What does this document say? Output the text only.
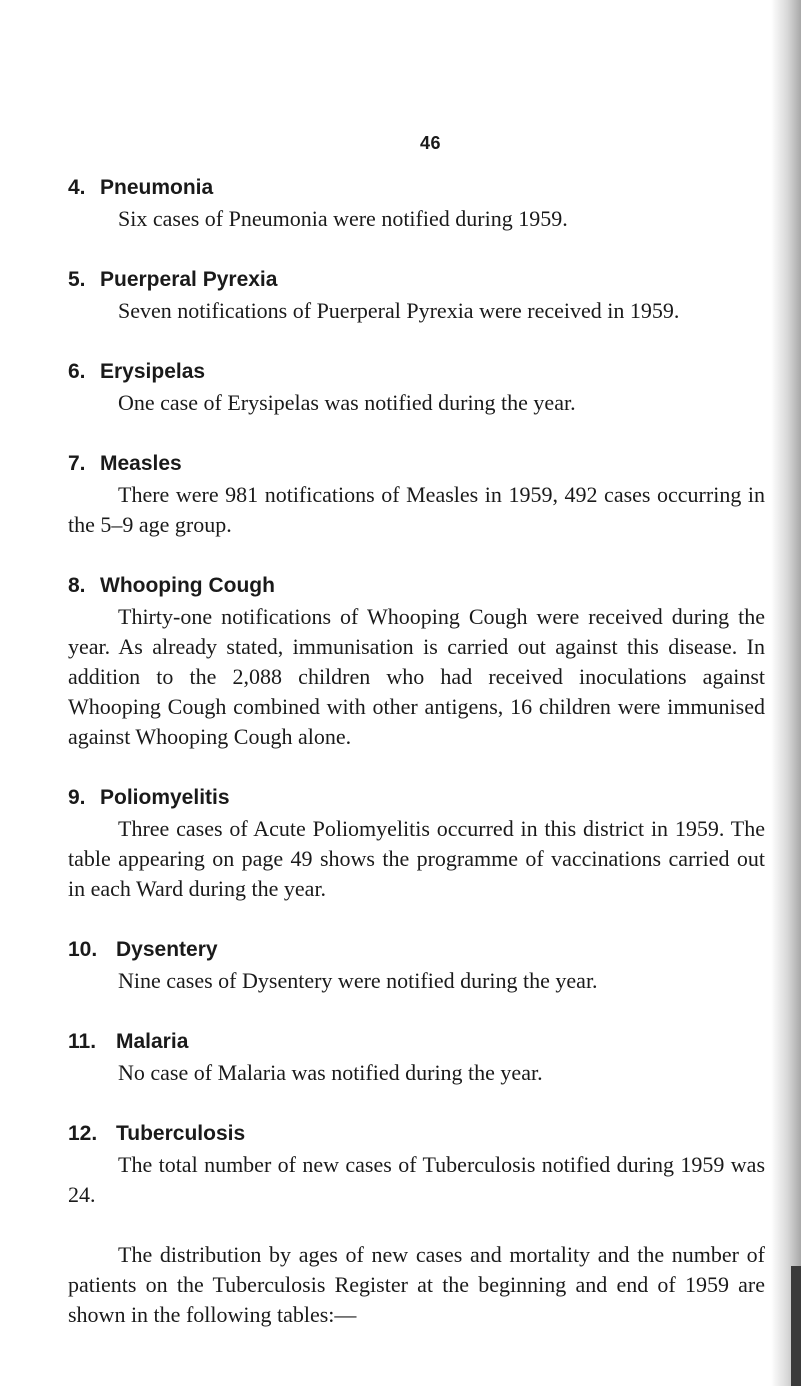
46
4. Pneumonia

Six cases of Pneumonia were notified during 1959.

5. Puerperal Pyrexia

Seven notifications of Puerperal Pyrexia were received in 1959.

6. Erysipelas

One case of Erysipelas was notified during the year.

7. Measles

There were 981 notifications of Measles in 1959, 492 cases occurring in the 5–9 age group.

8. Whooping Cough

Thirty-one notifications of Whooping Cough were received during the year. As already stated, immunisation is carried out against this disease. In addition to the 2,088 children who had received inoculations against Whooping Cough combined with other antigens, 16 children were immunised against Whooping Cough alone.

9. Poliomyelitis

Three cases of Acute Poliomyelitis occurred in this district in 1959. The table appearing on page 49 shows the programme of vaccinations carried out in each Ward during the year.

10. Dysentery

Nine cases of Dysentery were notified during the year.

11. Malaria

No case of Malaria was notified during the year.

12. Tuberculosis

The total number of new cases of Tuberculosis notified during 1959 was 24.

The distribution by ages of new cases and mortality and the number of patients on the Tuberculosis Register at the beginning and end of 1959 are shown in the following tables:—
